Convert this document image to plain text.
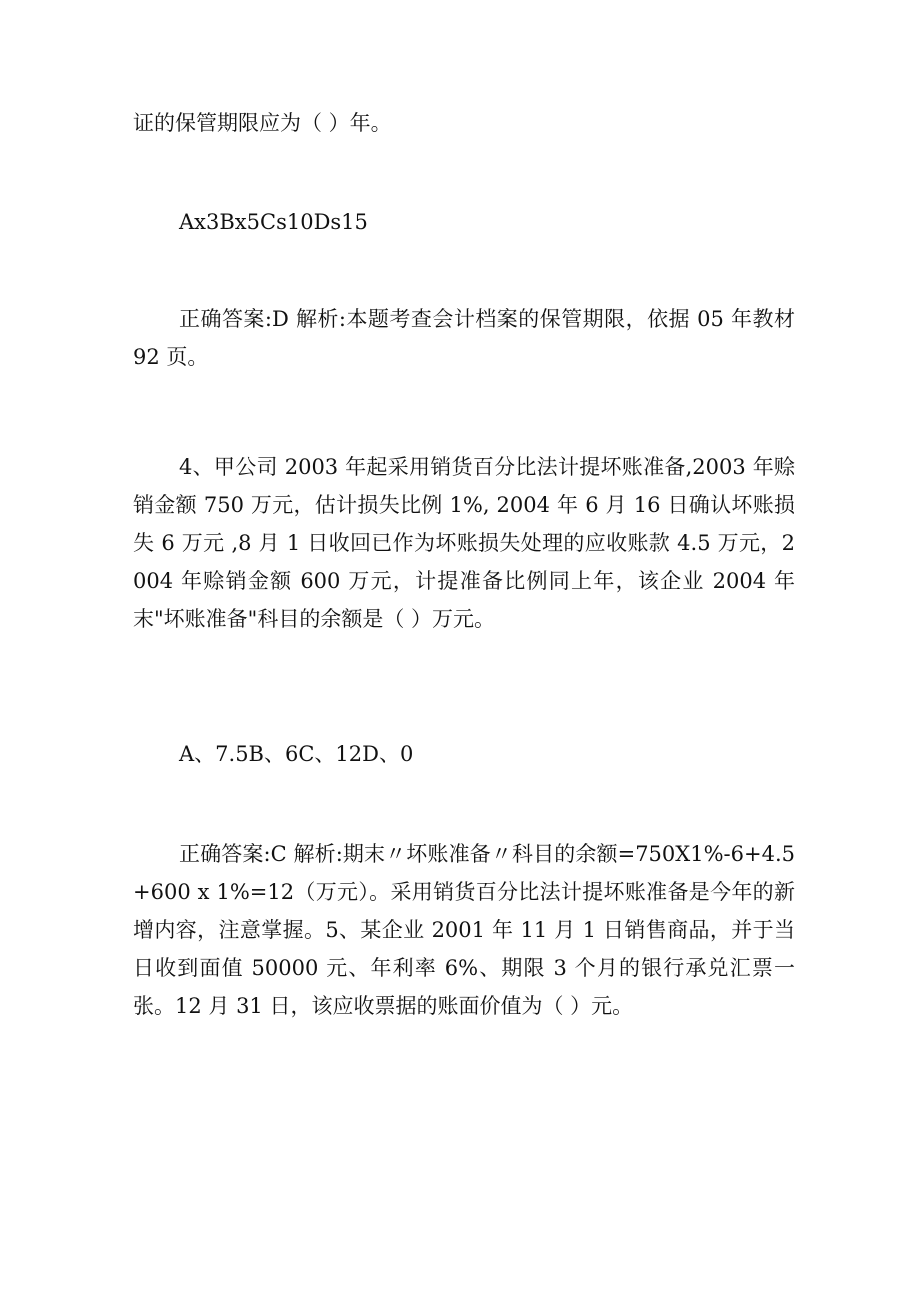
证的保管期限应为（ ）年。

Ax3Bx5Cs10Ds15

正确答案:D 解析:本题考查会计档案的保管期限，依据 05 年教材 92 页。

4、甲公司 2003 年起采用销货百分比法计提坏账准备,2003 年赊销金额 750 万元，估计损失比例 1%, 2004 年 6 月 16 日确认坏账损失 6 万元 ,8 月 1 日收回已作为坏账损失处理的应收账款 4.5 万元，2004 年赊销金额 600 万元，计提准备比例同上年，该企业 2004 年末"坏账准备"科目的余额是（ ）万元。

A、7.5B、6C、12D、0

正确答案:C 解析:期末〃坏账准备〃科目的余额=750X1%-6+4.5+600 x 1%=12（万元）。采用销货百分比法计提坏账准备是今年的新增内容，注意掌握。5、某企业 2001 年 11 月 1 日销售商品，并于当日收到面值 50000 元、年利率 6%、期限 3 个月的银行承兑汇票一张。12 月 31 日，该应收票据的账面价值为（ ）元。
